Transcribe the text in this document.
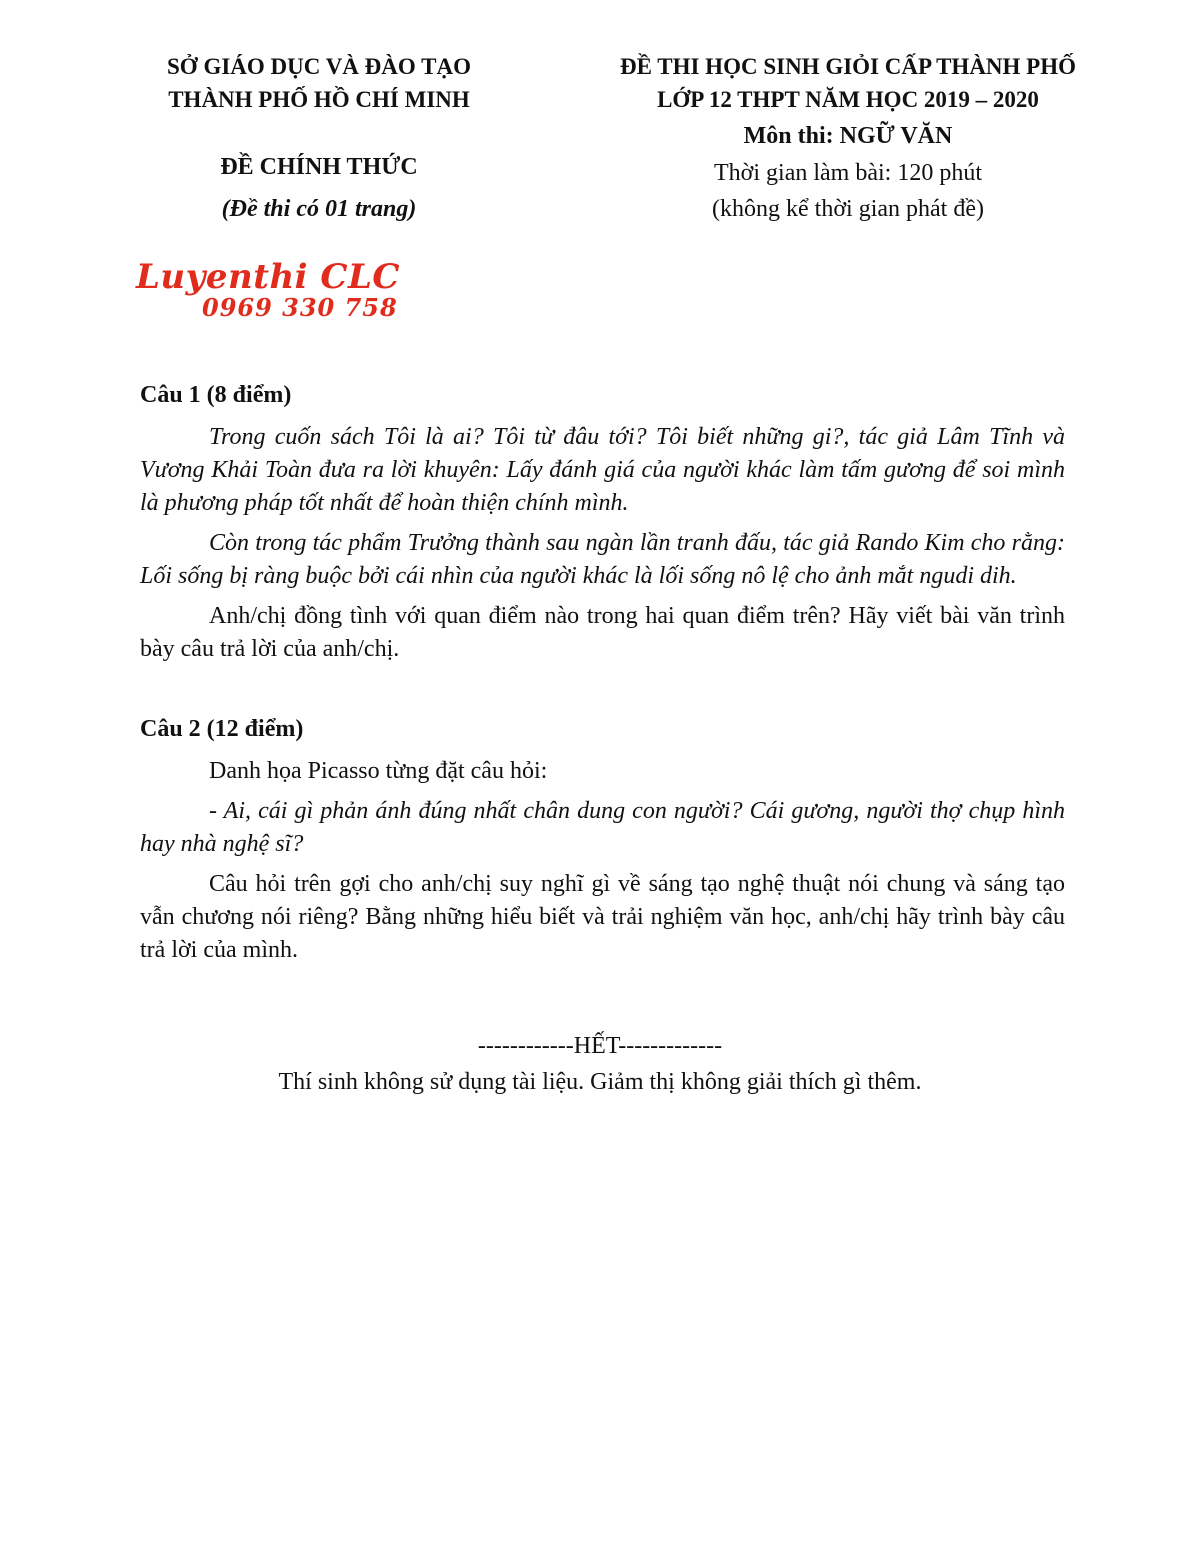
SỞ GIÁO DỤC VÀ ĐÀO TẠO
THÀNH PHỐ HỒ CHÍ MINH
ĐỀ CHÍNH THỨC
(Đề thi có 01 trang)
ĐỀ THI HỌC SINH GIỎI CẤP THÀNH PHỐ
LỚP 12 THPT NĂM HỌC 2019 – 2020
Môn thi: NGỮ VĂN
Thời gian làm bài: 120 phút
(không kể thời gian phát đề)
Luyenthi CLC
0969 330 758
Câu 1 (8 điểm)

Trong cuốn sách Tôi là ai? Tôi từ đâu tới? Tôi biết những gi?, tác giả Lâm Tĩnh và Vương Khải Toàn đưa ra lời khuyên: Lấy đánh giá của người khác làm tấm gương để soi mình là phương pháp tốt nhất để hoàn thiện chính mình.

Còn trong tác phẩm Trưởng thành sau ngàn lần tranh đấu, tác giả Rando Kim cho rằng: Lối sống bị ràng buộc bởi cái nhìn của người khác là lối sống nô lệ cho ảnh mắt ngudi dih.

Anh/chị đồng tình với quan điểm nào trong hai quan điểm trên? Hãy viết bài văn trình bày câu trả lời của anh/chị.

Câu 2 (12 điểm)

Danh họa Picasso từng đặt câu hỏi:

- Ai, cái gì phản ánh đúng nhất chân dung con người? Cái gương, người thợ chụp hình hay nhà nghệ sĩ?

Câu hỏi trên gợi cho anh/chị suy nghĩ gì về sáng tạo nghệ thuật nói chung và sáng tạo vẫn chương nói riêng? Bằng những hiểu biết và trải nghiệm văn học, anh/chị hãy trình bày câu trả lời của mình.

------------HẾT-------------
Thí sinh không sử dụng tài liệu. Giảm thị không giải thích gì thêm.
